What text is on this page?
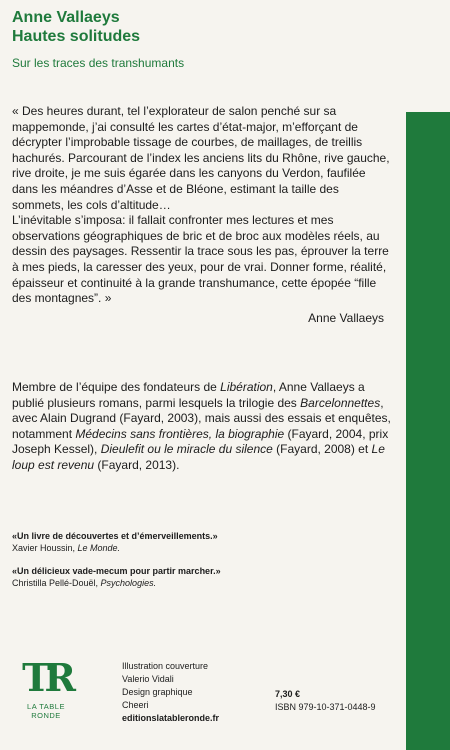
Anne Vallaeys
Hautes solitudes
Sur les traces des transhumants

« Des heures durant, tel l’explorateur de salon penché sur sa mappemonde, j’ai consulté les cartes d’état-major, m’efforçant de décrypter l’improbable tissage de courbes, de maillages, de treillis hachurés. Parcourant de l’index les anciens lits du Rhône, rive gauche, rive droite, je me suis égarée dans les canyons du Verdon, faufilée dans les méandres d’Asse et de Bléone, estimant la taille des sommets, les cols d’altitude…

L’inévitable s’imposa: il fallait confronter mes lectures et mes observations géographiques de bric et de broc aux modèles réels, au dessin des paysages. Ressentir la trace sous les pas, éprouver la terre à mes pieds, la caresser des yeux, pour de vrai. Donner forme, réalité, épaisseur et continuité à la grande transhumance, cette épopée “fille des montagnes”. »

Anne Vallaeys
Membre de l’équipe des fondateurs de Libération, Anne Vallaeys a publié plusieurs romans, parmi lesquels la trilogie des Barcelonnettes, avec Alain Dugrand (Fayard, 2003), mais aussi des essais et enquêtes, notamment Médecins sans frontières, la biographie (Fayard, 2004, prix Joseph Kessel), Dieulefit ou le miracle du silence (Fayard, 2008) et Le loup est revenu (Fayard, 2013).
«Un livre de découvertes et d’émerveillements.»
Xavier Houssin, Le Monde.
«Un délicieux vade-mecum pour partir marcher.»
Christilla Pellé-Douël, Psychologies.
TR
LA TABLE RONDE
Illustration couverture
Valerio Vidali
Design graphique
Cheeri
editionslatableronde.fr
7,30 €
ISBN 979-10-371-0448-9
